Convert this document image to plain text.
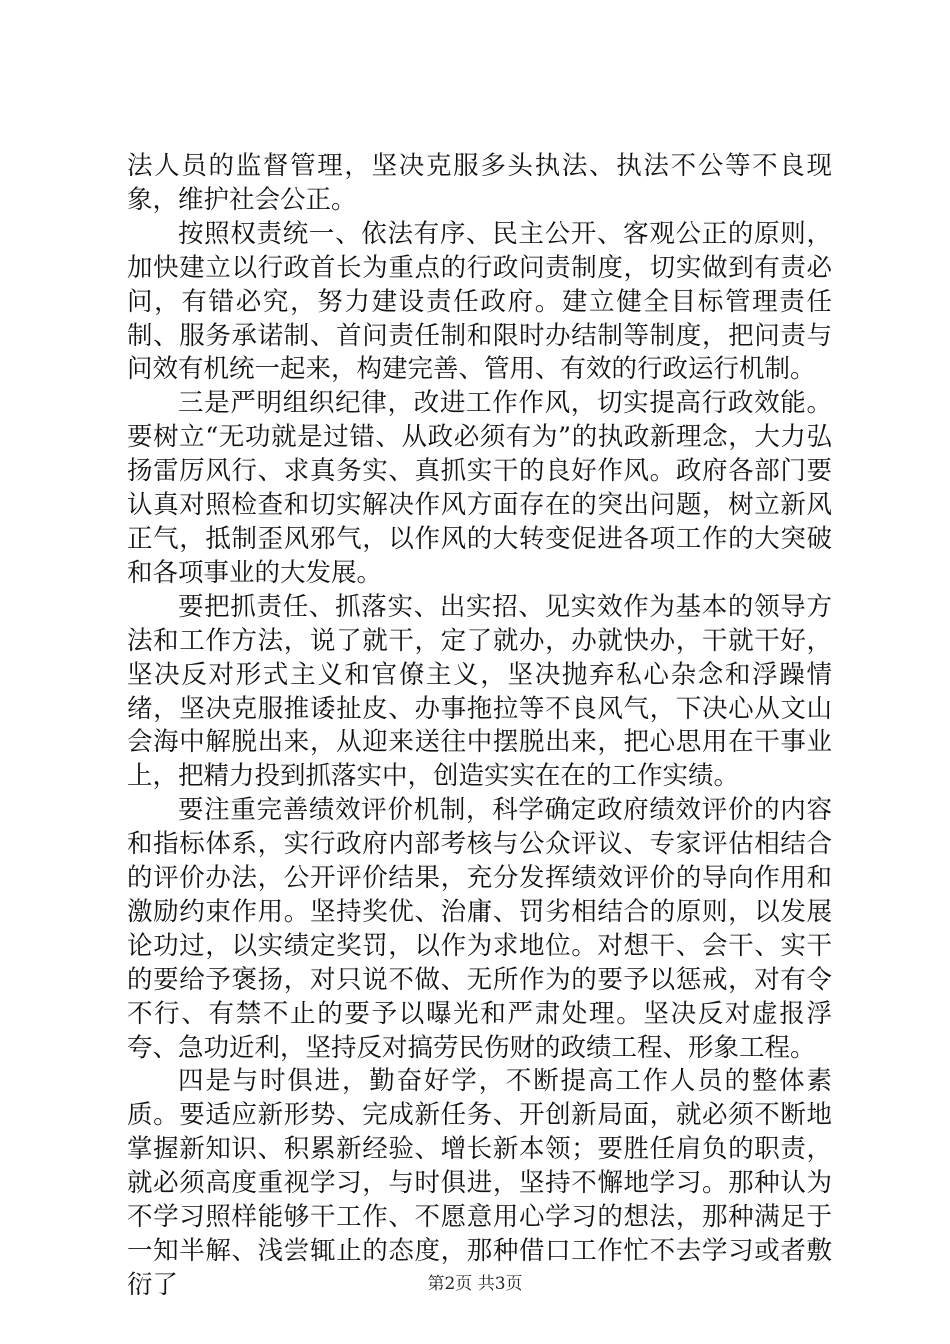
法人员的监督管理，坚决克服多头执法、执法不公等不良现象，维护社会公正。

按照权责统一、依法有序、民主公开、客观公正的原则，加快建立以行政首长为重点的行政问责制度，切实做到有责必问，有错必究，努力建设责任政府。建立健全目标管理责任制、服务承诺制、首问责任制和限时办结制等制度，把问责与问效有机统一起来，构建完善、管用、有效的行政运行机制。

三是严明组织纪律，改进工作作风，切实提高行政效能。要树立“无功就是过错、从政必须有为”的执政新理念，大力弘扬雷厉风行、求真务实、真抓实干的良好作风。政府各部门要认真对照检查和切实解决作风方面存在的突出问题，树立新风正气，抵制歪风邪气，以作风的大转变促进各项工作的大突破和各项事业的大发展。

要把抓责任、抓落实、出实招、见实效作为基本的领导方法和工作方法，说了就干，定了就办，办就快办，干就干好，坚决反对形式主义和官僚主义，坚决抛弃私心杂念和浮躁情绪，坚决克服推诿扯皮、办事拖拉等不良风气，下决心从文山会海中解脱出来，从迎来送往中摆脱出来，把心思用在干事业上，把精力投到抓落实中，创造实实在在的工作实绩。

要注重完善绩效评价机制，科学确定政府绩效评价的内容和指标体系，实行政府内部考核与公众评议、专家评估相结合的评价办法，公开评价结果，充分发挥绩效评价的导向作用和激励约束作用。坚持奖优、治庸、罚劣相结合的原则，以发展论功过，以实绩定奖罚，以作为求地位。对想干、会干、实干的要给予褒扬，对只说不做、无所作为的要予以惩戒，对有令不行、有禁不止的要予以曝光和严肃处理。坚决反对虚报浮夸、急功近利，坚持反对搞劳民伤财的政绩工程、形象工程。

四是与时俱进，勤奋好学，不断提高工作人员的整体素质。要适应新形势、完成新任务、开创新局面，就必须不断地掌握新知识、积累新经验、增长新本领；要胜任肩负的职责，就必须高度重视学习，与时俱进，坚持不懈地学习。那种认为不学习照样能够干工作、不愿意用心学习的想法，那种满足于一知半解、浅尝辄止的态度，那种借口工作忙不去学习或者敷衍了	第2页 共3页
